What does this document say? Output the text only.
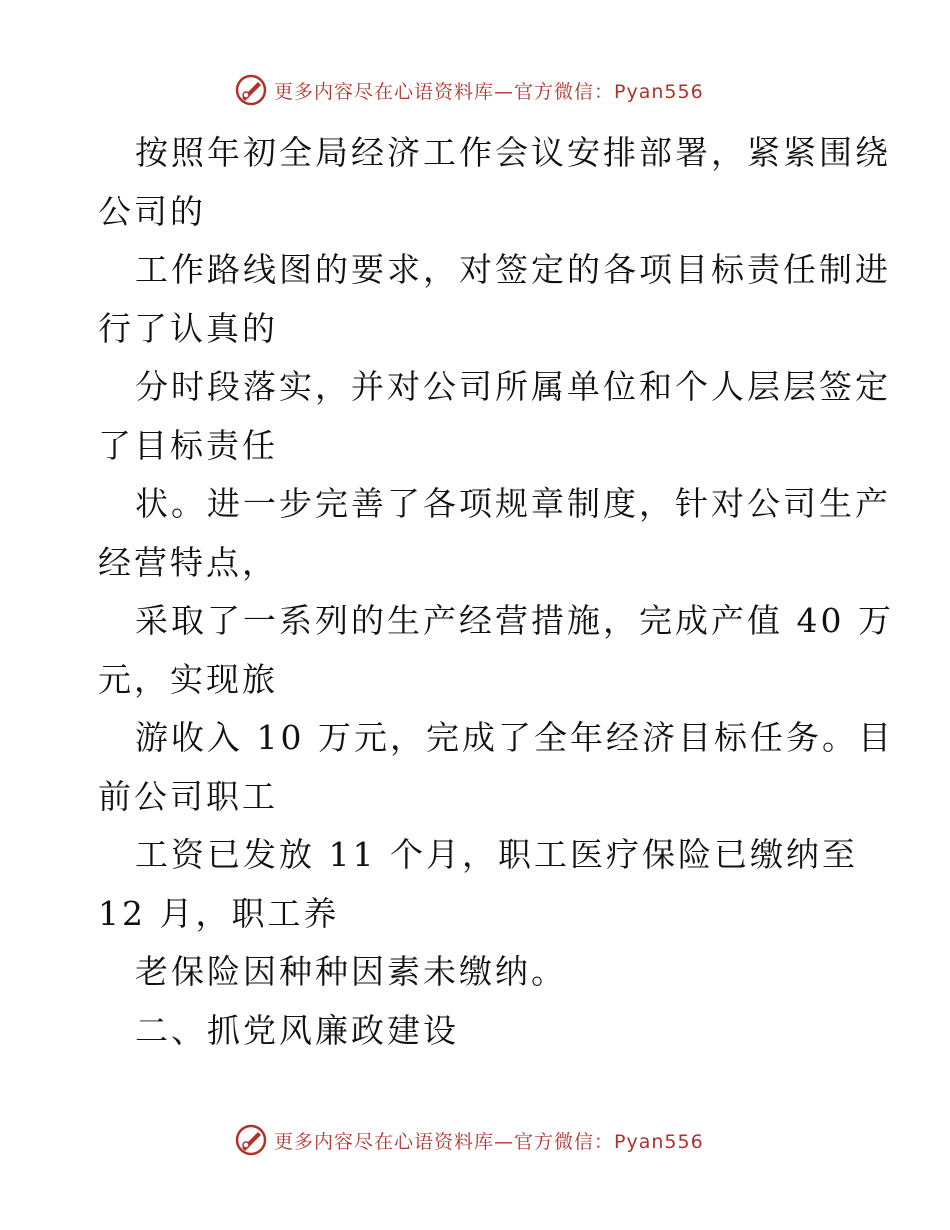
更多内容尽在心语资料库—官方微信：Pyan556
按照年初全局经济工作会议安排部署，紧紧围绕
公司的
工作路线图的要求，对签定的各项目标责任制进
行了认真的
分时段落实，并对公司所属单位和个人层层签定
了目标责任
状。进一步完善了各项规章制度，针对公司生产
经营特点，
采取了一系列的生产经营措施，完成产值 40 万
元，实现旅
游收入 10 万元，完成了全年经济目标任务。目
前公司职工
工资已发放 11 个月，职工医疗保险已缴纳至
12 月，职工养
老保险因种种因素未缴纳。
二、抓党风廉政建设
更多内容尽在心语资料库—官方微信：Pyan556
